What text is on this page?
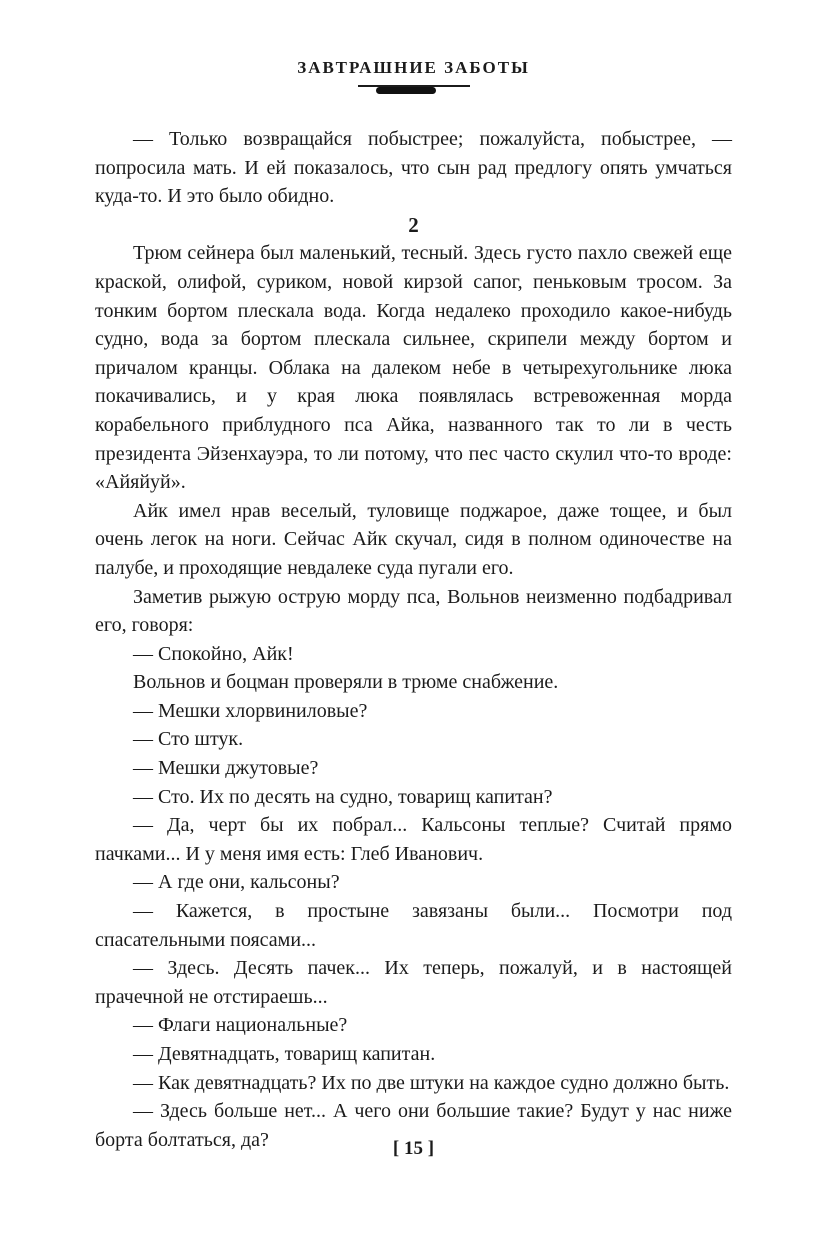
ЗАВТРАШНИЕ ЗАБОТЫ

— Только возвращайся побыстрее; пожалуйста, побыстрее, — попросила мать. И ей показалось, что сын рад предлогу опять умчаться куда-то. И это было обидно.

2

Трюм сейнера был маленький, тесный. Здесь густо пахло свежей еще краской, олифой, суриком, новой кирзой сапог, пеньковым тросом. За тонким бортом плескала вода. Когда недалеко проходило какое-нибудь судно, вода за бортом плескала сильнее, скрипели между бортом и причалом кранцы. Облака на далеком небе в четырехугольнике люка покачивались, и у края люка появлялась встревоженная морда корабельного приблудного пса Айка, названного так то ли в честь президента Эйзенхауэра, то ли потому, что пес часто скулил что-то вроде: «Айяйуй».

Айк имел нрав веселый, туловище поджарое, даже тощее, и был очень легок на ноги. Сейчас Айк скучал, сидя в полном одиночестве на палубе, и проходящие невдалеке суда пугали его.

Заметив рыжую острую морду пса, Вольнов неизменно подбадривал его, говоря:

— Спокойно, Айк!

Вольнов и боцман проверяли в трюме снабжение.

— Мешки хлорвиниловые?

— Сто штук.

— Мешки джутовые?

— Сто. Их по десять на судно, товарищ капитан?

— Да, черт бы их побрал... Кальсоны теплые? Считай прямо пачками... И у меня имя есть: Глеб Иванович.

— А где они, кальсоны?

— Кажется, в простыне завязаны были... Посмотри под спасательными поясами...

— Здесь. Десять пачек... Их теперь, пожалуй, и в настоящей прачечной не отстираешь...

— Флаги национальные?

— Девятнадцать, товарищ капитан.

— Как девятнадцать? Их по две штуки на каждое судно должно быть.

— Здесь больше нет... А чего они большие такие? Будут у нас ниже борта болтаться, да?	[ 15 ]
